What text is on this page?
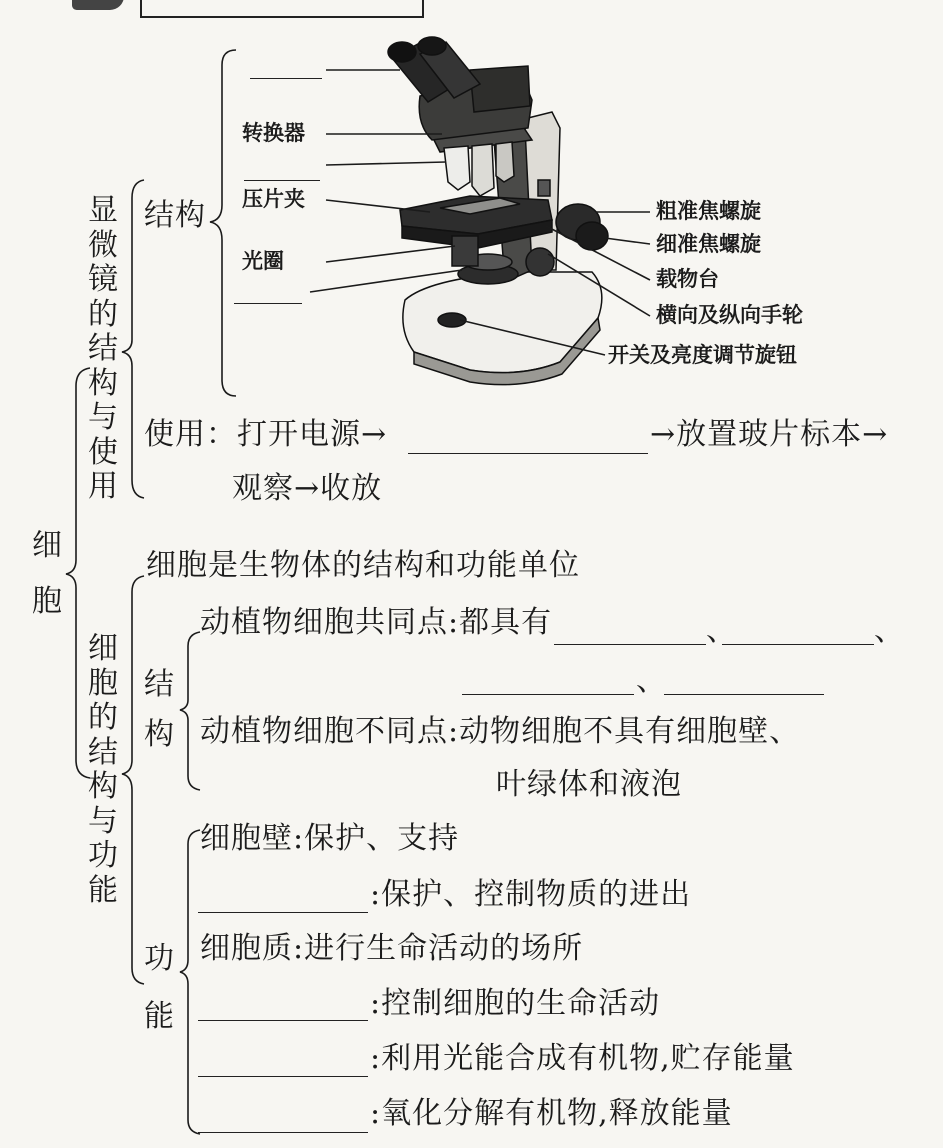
细胞
显微镜的结构与使用
细胞的结构与功能
结构
功能
结构
转换器
压片夹
光圈
粗准焦螺旋
细准焦螺旋
载物台
横向及纵向手轮
开关及亮度调节旋钮
使用：打开电源→	→放置玻片标本→
观察→收放
细胞是生物体的结构和功能单位
动植物细胞共同点:都具有	、	、
、
动植物细胞不同点:动物细胞不具有细胞壁、
叶绿体和液泡
细胞壁:保护、支持
:保护、控制物质的进出
细胞质:进行生命活动的场所
:控制细胞的生命活动
:利用光能合成有机物,贮存能量
:氧化分解有机物,释放能量
